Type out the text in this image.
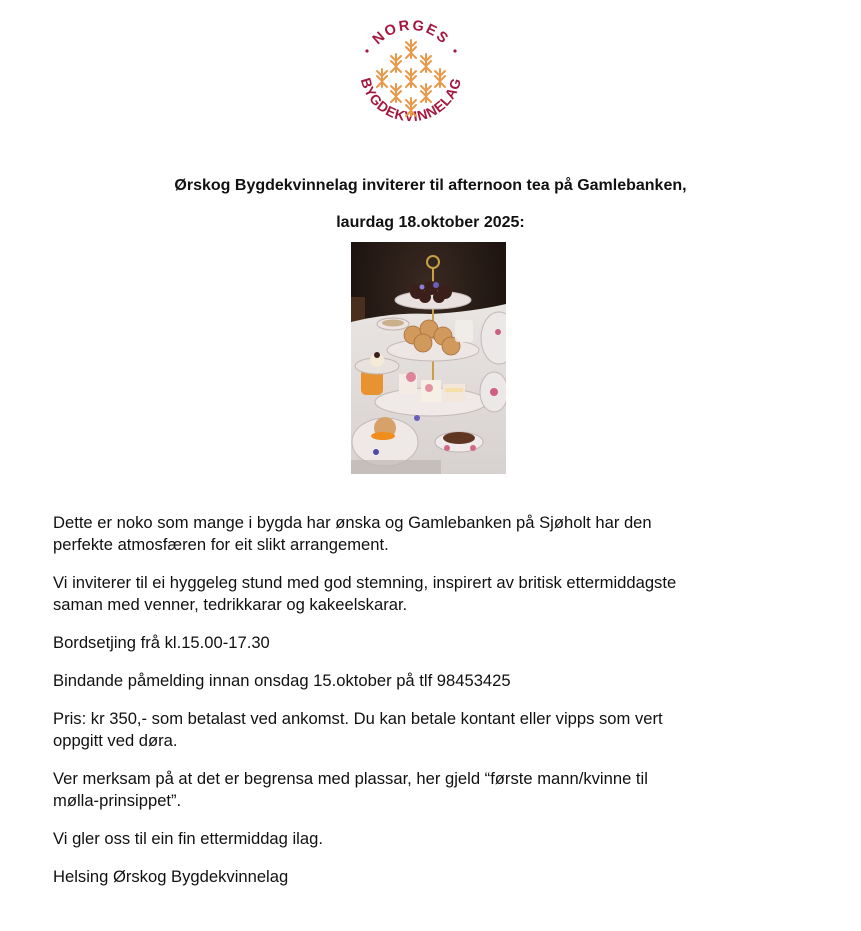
NORGES
BYGDEKVINNELAG
Ørskog Bygdekvinnelag inviterer til afternoon tea på Gamlebanken,
laurdag 18.oktober 2025:

Dette er noko som mange i bygda har ønska og Gamlebanken på Sjøholt har den
perfekte atmosfæren for eit slikt arrangement.

Vi inviterer til ei hyggeleg stund med god stemning, inspirert av britisk ettermiddagste
saman med venner, tedrikkarar og kakeelskarar.

Bordsetjing frå kl.15.00-17.30

Bindande påmelding innan onsdag 15.oktober på tlf 98453425

Pris: kr 350,- som betalast ved ankomst. Du kan betale kontant eller vipps som vert
oppgitt ved døra.

Ver merksam på at det er begrensa med plassar, her gjeld “første mann/kvinne til
mølla-prinsippet”.

Vi gler oss til ein fin ettermiddag ilag.

Helsing Ørskog Bygdekvinnelag
